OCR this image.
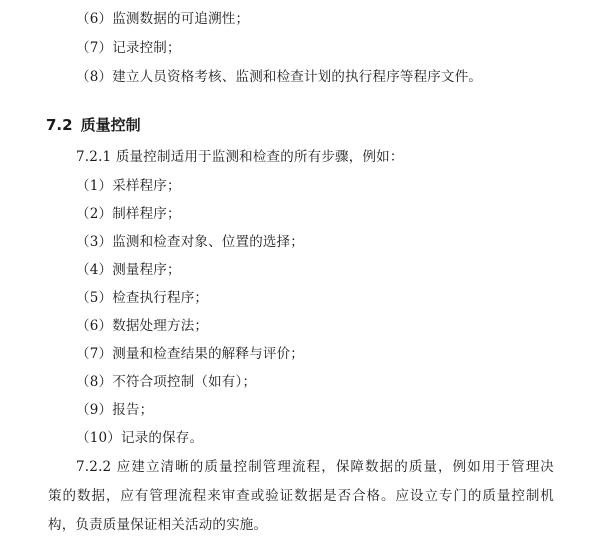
（6）监测数据的可追溯性；
（7）记录控制；
（8）建立人员资格考核、监测和检查计划的执行程序等程序文件。
7.2 质量控制
7.2.1 质量控制适用于监测和检查的所有步骤，例如：
（1）采样程序；
（2）制样程序；
（3）监测和检查对象、位置的选择；
（4）测量程序；
（5）检查执行程序；
（6）数据处理方法；
（7）测量和检查结果的解释与评价；
（8）不符合项控制（如有）；
（9）报告；
（10）记录的保存。
7.2.2 应建立清晰的质量控制管理流程，保障数据的质量，例如用于管理决
策的数据，应有管理流程来审查或验证数据是否合格。应设立专门的质量控制机
构，负责质量保证相关活动的实施。
